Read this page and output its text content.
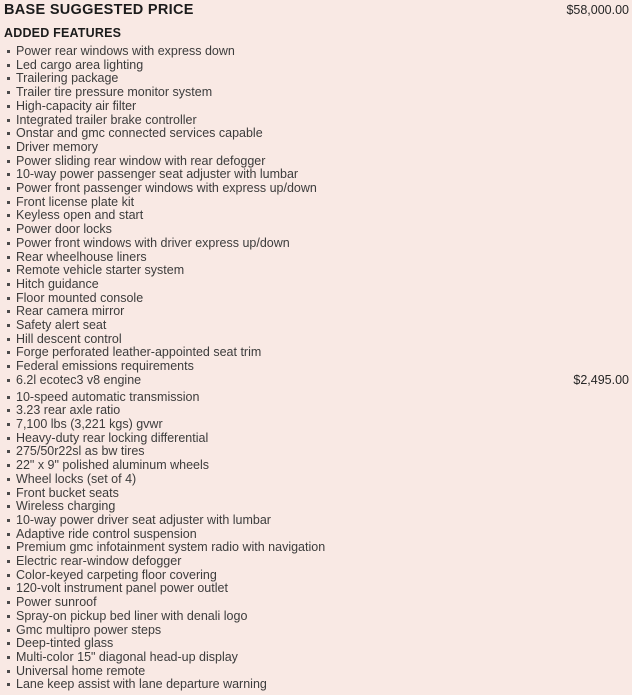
BASE SUGGESTED PRICE	$58,000.00
ADDED FEATURES
Power rear windows with express down
Led cargo area lighting
Trailering package
Trailer tire pressure monitor system
High-capacity air filter
Integrated trailer brake controller
Onstar and gmc connected services capable
Driver memory
Power sliding rear window with rear defogger
10-way power passenger seat adjuster with lumbar
Power front passenger windows with express up/down
Front license plate kit
Keyless open and start
Power door locks
Power front windows with driver express up/down
Rear wheelhouse liners
Remote vehicle starter system
Hitch guidance
Floor mounted console
Rear camera mirror
Safety alert seat
Hill descent control
Forge perforated leather-appointed seat trim
Federal emissions requirements
6.2l ecotec3 v8 engine	$2,495.00
10-speed automatic transmission
3.23 rear axle ratio
7,100 lbs (3,221 kgs) gvwr
Heavy-duty rear locking differential
275/50r22sl as bw tires
22" x 9" polished aluminum wheels
Wheel locks (set of 4)
Front bucket seats
Wireless charging
10-way power driver seat adjuster with lumbar
Adaptive ride control suspension
Premium gmc infotainment system radio with navigation
Electric rear-window defogger
Color-keyed carpeting floor covering
120-volt instrument panel power outlet
Power sunroof
Spray-on pickup bed liner with denali logo
Gmc multipro power steps
Deep-tinted glass
Multi-color 15" diagonal head-up display
Universal home remote
Lane keep assist with lane departure warning
